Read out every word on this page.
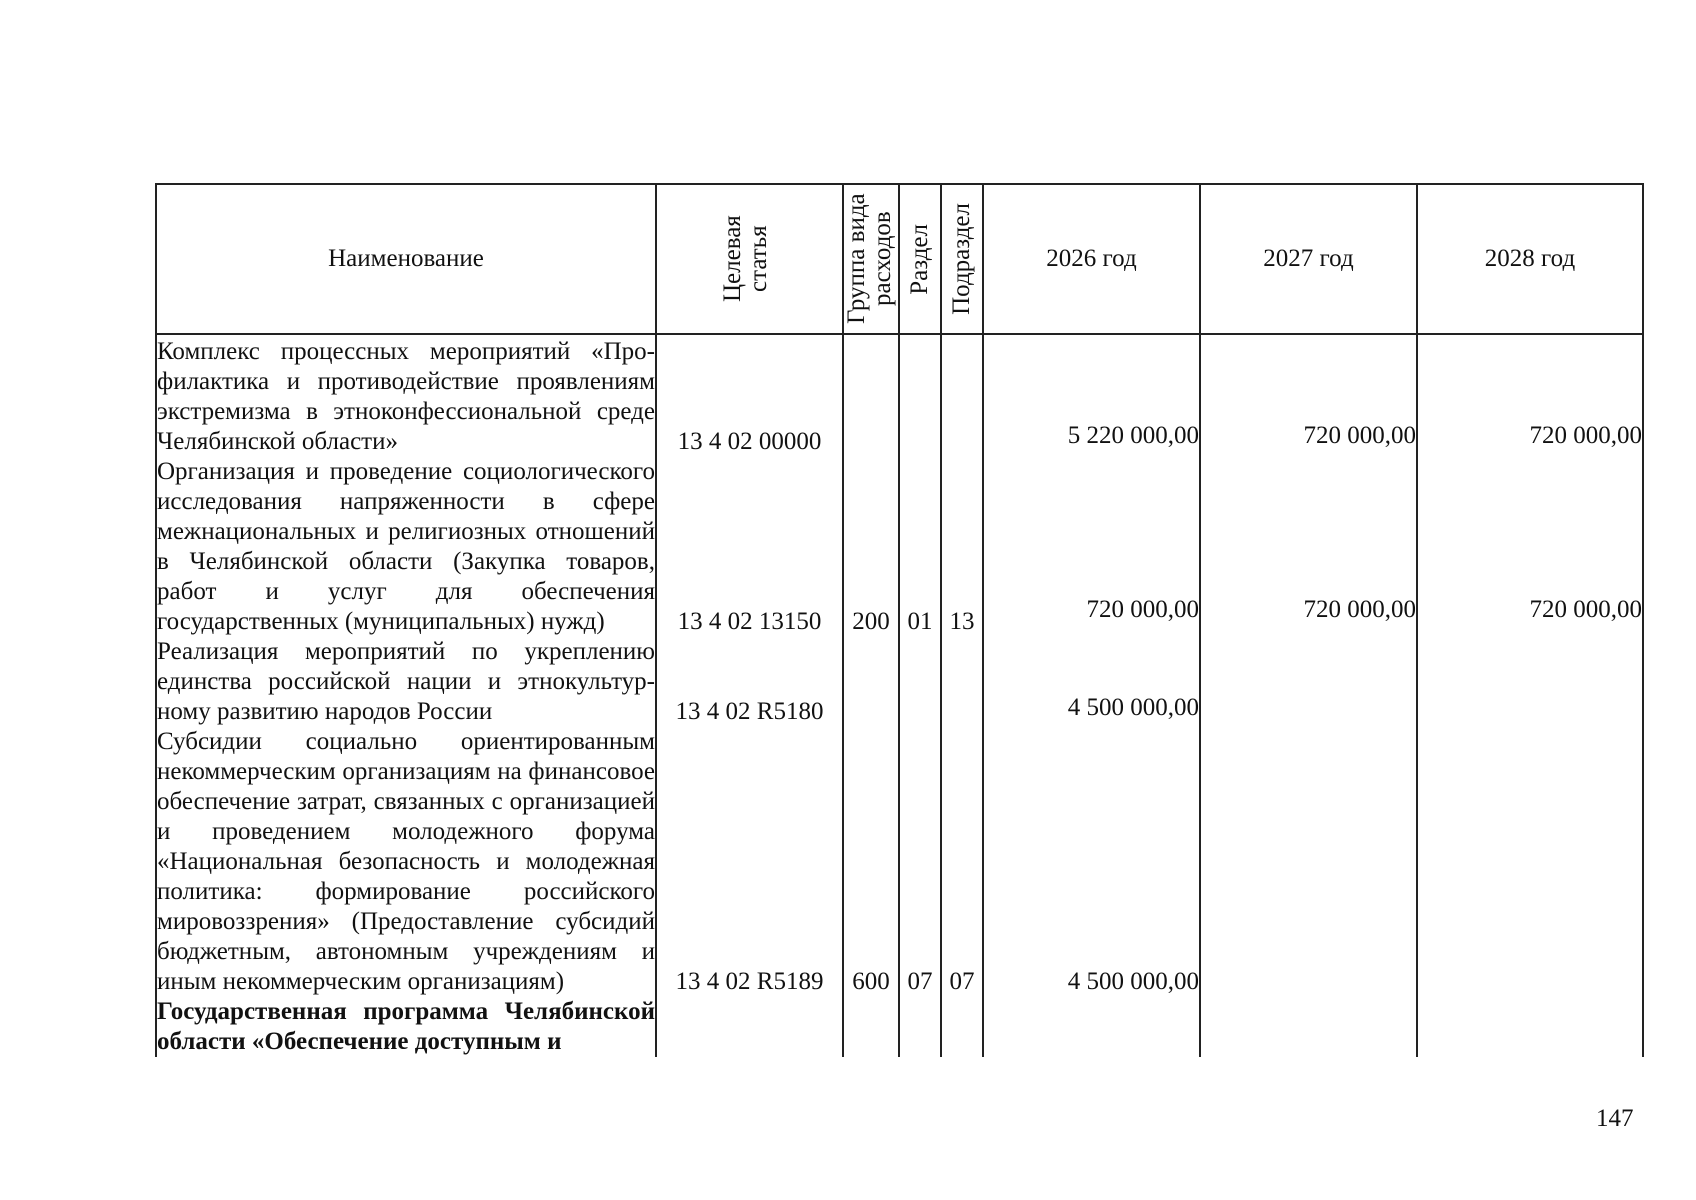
Наименование	Целевая статья	Группа вида расходов	Раздел	Подраздел	2026 год	2027 год	2028 год
Комплекс процессных мероприятий «Профилактика и противодействие проявлениям экстремизма в этноконфессиональной среде Челябинской области»	13 4 02 00000				5 220 000,00	720 000,00	720 000,00
Организация и проведение социологического исследования напряженности в сфере межнациональных и религиозных отношений в Челябинской области (Закупка товаров, работ и услуг для обеспечения государственных (муниципальных) нужд)	13 4 02 13150	200	01	13	720 000,00	720 000,00	720 000,00
Реализация мероприятий по укреплению единства российской нации и этнокультурному развитию народов России	13 4 02 R5180				4 500 000,00		
Субсидии социально ориентированным некоммерческим организациям на финансовое обеспечение затрат, связанных с организацией и проведением молодежного форума «Национальная безопасность и молодежная политика: формирование российского мировоззрения» (Предоставление субсидий бюджетным, автономным учреждениям и иным некоммерческим организациям)	13 4 02 R5189	600	07	07	4 500 000,00		
Государственная программа Челябинской области «Обеспечение доступным и							
147
